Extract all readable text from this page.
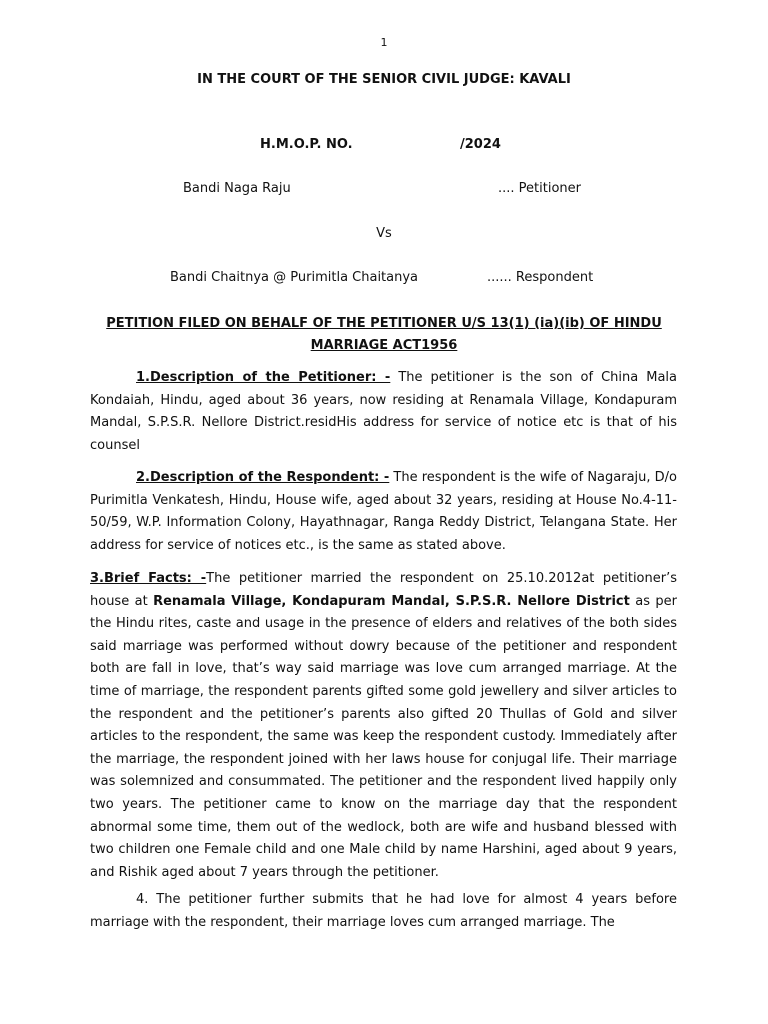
1
IN THE COURT OF THE SENIOR CIVIL JUDGE: KAVALI
H.M.O.P. NO.	/2024
Bandi Naga Raju	.... Petitioner
Vs
Bandi Chaitnya @ Purimitla Chaitanya	...... Respondent
PETITION FILED ON BEHALF OF THE PETITIONER U/S 13(1) (ia)(ib) OF HINDU MARRIAGE ACT1956
1.Description of the Petitioner: - The petitioner is the son of China Mala Kondaiah, Hindu, aged about 36 years, now residing at Renamala Village, Kondapuram Mandal, S.P.S.R. Nellore District.residHis address for service of notice etc is that of his counsel
2.Description of the Respondent: - The respondent is the wife of Nagaraju, D/o Purimitla Venkatesh, Hindu, House wife, aged about 32 years, residing at House No.4-11-50/59, W.P. Information Colony, Hayathnagar, Ranga Reddy District, Telangana State. Her address for service of notices etc., is the same as stated above.
3.Brief Facts: -The petitioner married the respondent on 25.10.2012at petitioner’s house at Renamala Village, Kondapuram Mandal, S.P.S.R. Nellore District as per the Hindu rites, caste and usage in the presence of elders and relatives of the both sides said marriage was performed without dowry because of the petitioner and respondent both are fall in love, that’s way said marriage was love cum arranged marriage. At the time of marriage, the respondent parents gifted some gold jewellery and silver articles to the respondent and the petitioner’s parents also gifted 20 Thullas of Gold and silver articles to the respondent, the same was keep the respondent custody. Immediately after the marriage, the respondent joined with her laws house for conjugal life. Their marriage was solemnized and consummated. The petitioner and the respondent lived happily only two years. The petitioner came to know on the marriage day that the respondent abnormal some time, them out of the wedlock, both are wife and husband blessed with two children one Female child and one Male child by name Harshini, aged about 9 years, and Rishik aged about 7 years through the petitioner.
4. The petitioner further submits that he had love for almost 4 years before marriage with the respondent, their marriage loves cum arranged marriage. The
